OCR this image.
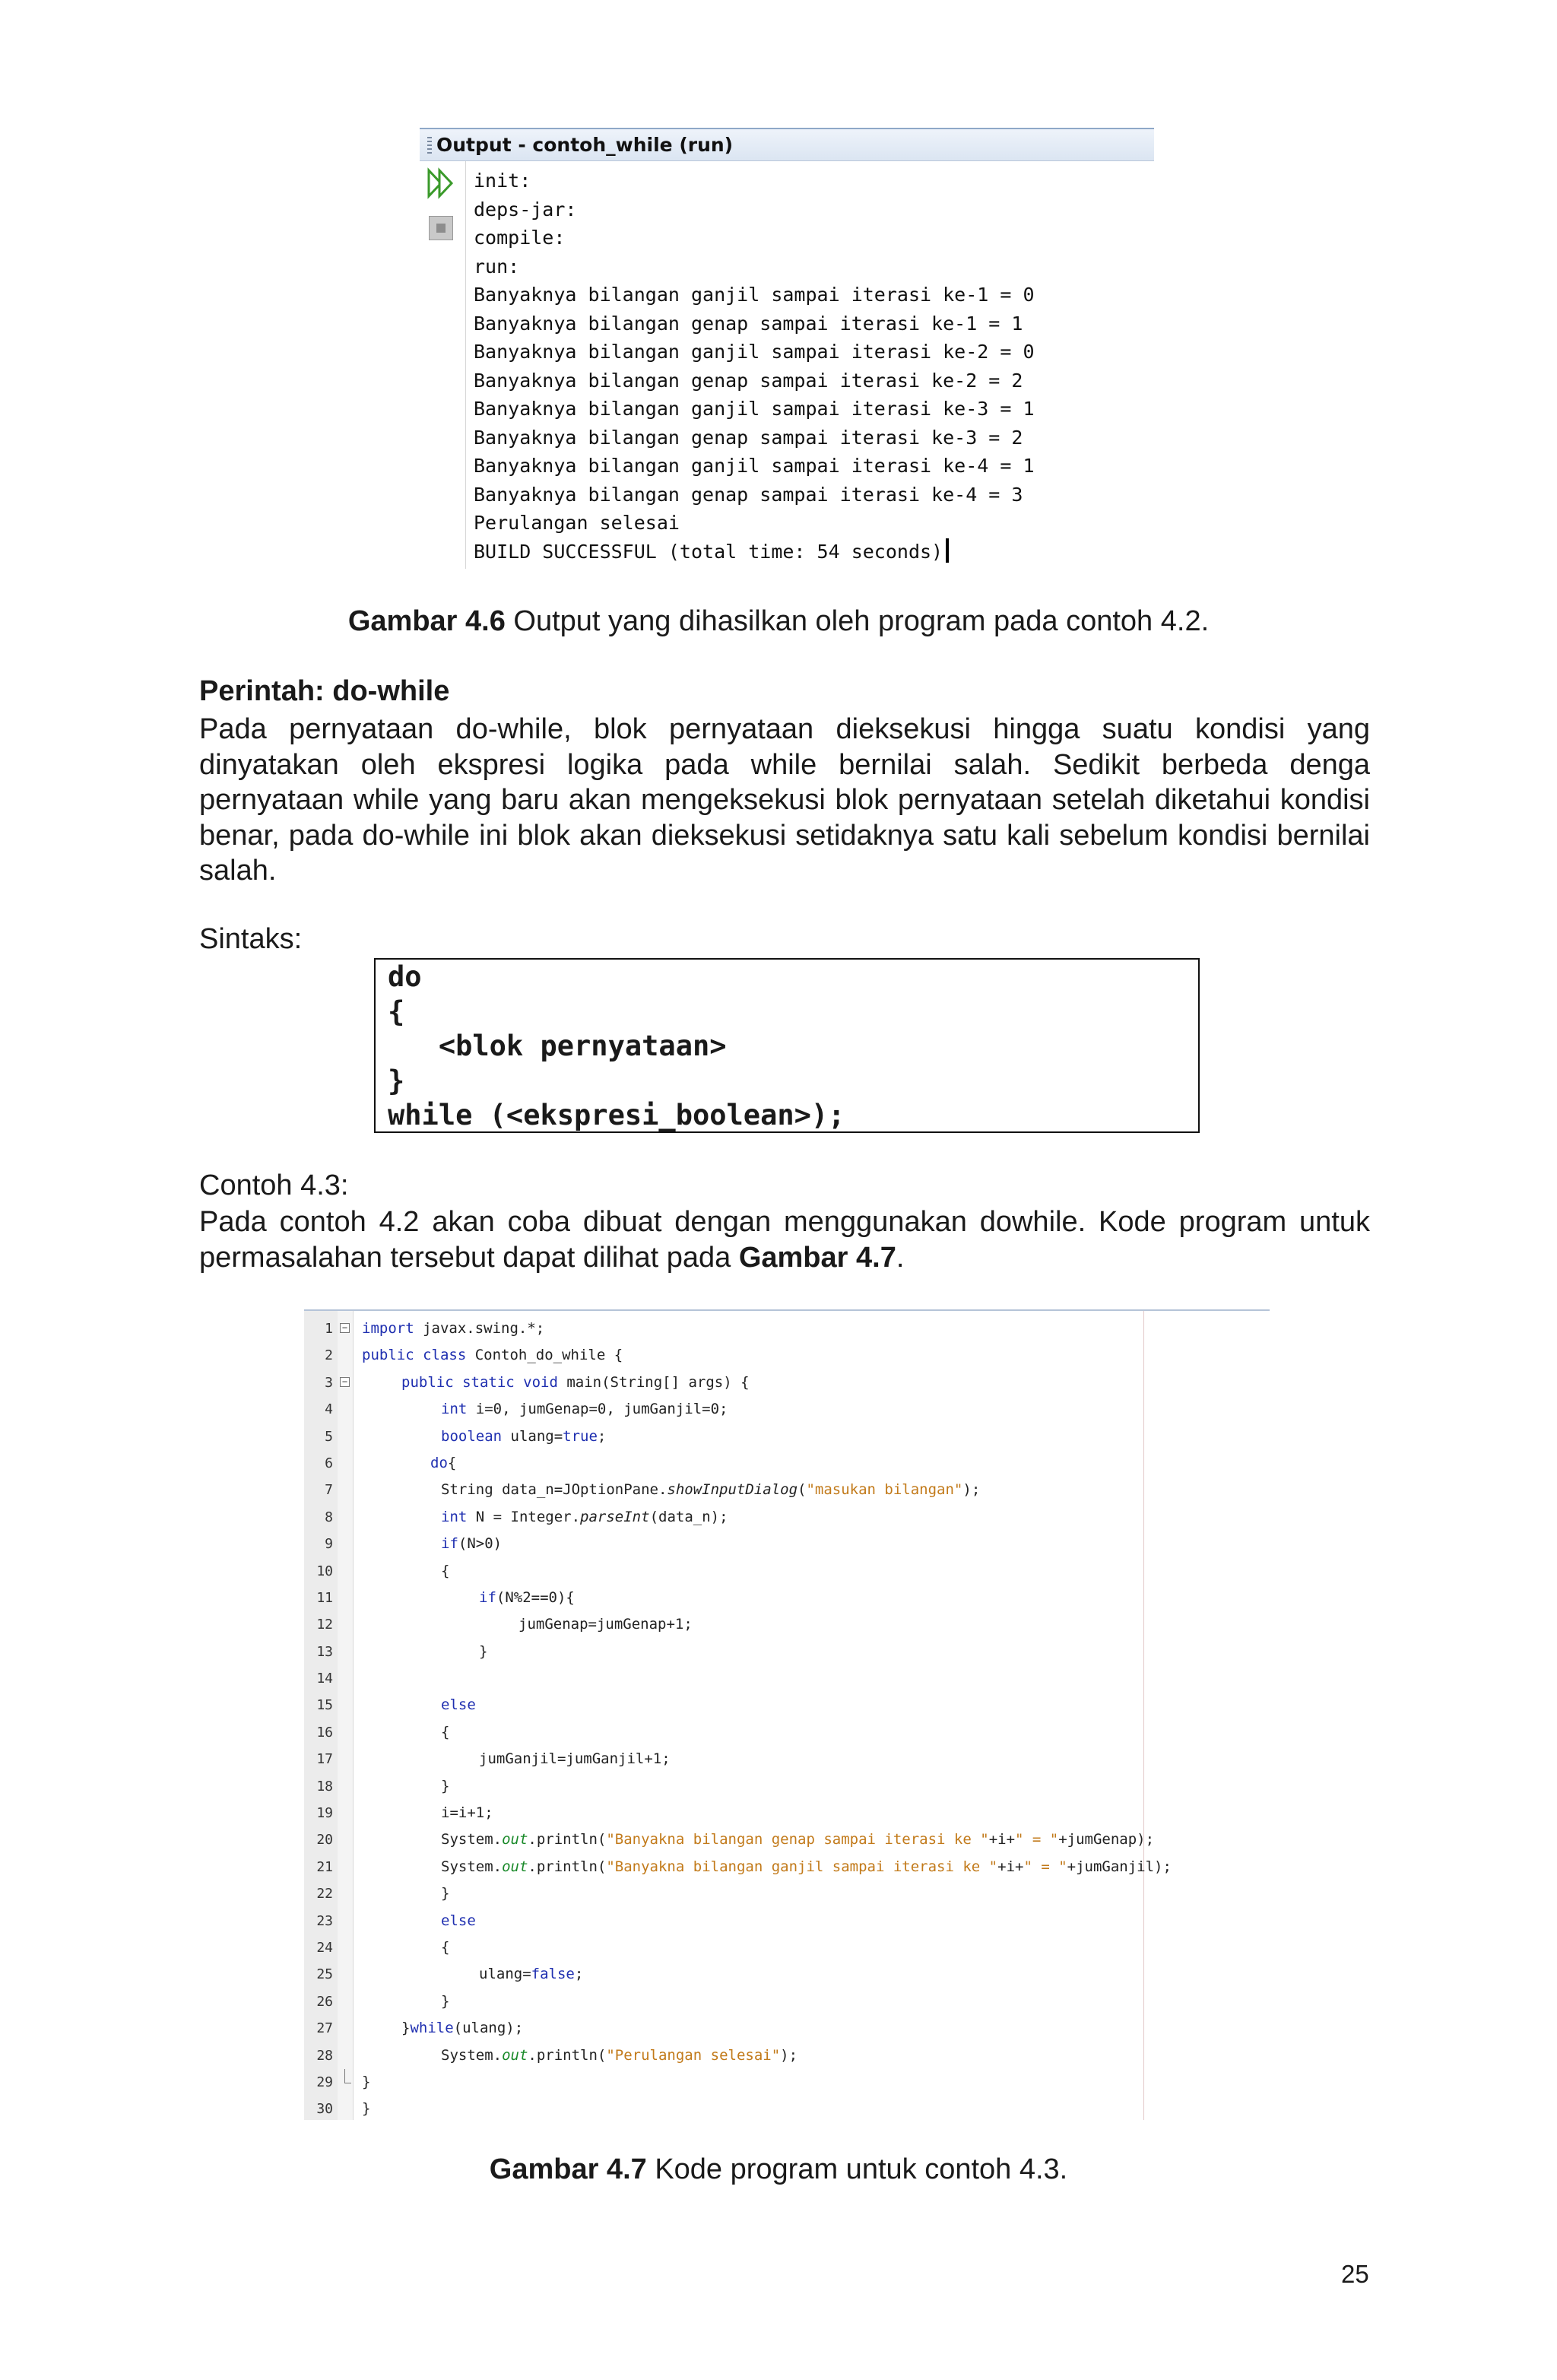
Output - contoh_while (run)
init:
deps-jar:
compile:
run:
Banyaknya bilangan ganjil sampai iterasi ke-1 = 0
Banyaknya bilangan genap sampai iterasi ke-1 = 1
Banyaknya bilangan ganjil sampai iterasi ke-2 = 0
Banyaknya bilangan genap sampai iterasi ke-2 = 2
Banyaknya bilangan ganjil sampai iterasi ke-3 = 1
Banyaknya bilangan genap sampai iterasi ke-3 = 2
Banyaknya bilangan ganjil sampai iterasi ke-4 = 1
Banyaknya bilangan genap sampai iterasi ke-4 = 3
Perulangan selesai
BUILD SUCCESSFUL (total time: 54 seconds)
Gambar 4.6 Output yang dihasilkan oleh program pada contoh 4.2.
Perintah: do-while
Pada pernyataan do-while, blok pernyataan dieksekusi hingga suatu kondisi yang dinyatakan oleh ekspresi logika pada while bernilai salah. Sedikit berbeda denga pernyataan while yang baru akan mengeksekusi blok pernyataan setelah diketahui kondisi benar, pada do-while ini blok akan dieksekusi setidaknya satu kali sebelum kondisi bernilai salah.
Sintaks:
do
{
<blok pernyataan>
}
while (<ekspresi_boolean>);
Contoh 4.3:
Pada contoh 4.2 akan coba dibuat dengan menggunakan dowhile. Kode program untuk permasalahan tersebut dapat dilihat pada Gambar 4.7.
1 − import javax.swing.*;
2 public class Contoh_do_while {
3 −	public static void main(String[] args) {
4	int i=0, jumGenap=0, jumGanjil=0;
5	boolean ulang=true;
6	do{
7	String data_n=JOptionPane.showInputDialog("masukan bilangan");
8	int N = Integer.parseInt(data_n);
9	if(N>0)
10	{
11	if(N%2==0){
12	jumGenap=jumGenap+1;
13	}
14
15	else
16	{
17	jumGanjil=jumGanjil+1;
18	}
19	i=i+1;
20	System.out.println("Banyakna bilangan genap sampai iterasi ke "+i+" = "+jumGenap);
21	System.out.println("Banyakna bilangan ganjil sampai iterasi ke "+i+" = "+jumGanjil);
22	}
23	else
24	{
25	ulang=false;
26	}
27	}while(ulang);
28	System.out.println("Perulangan selesai");
29 }
30 }
Gambar 4.7 Kode program untuk contoh 4.3.
25
